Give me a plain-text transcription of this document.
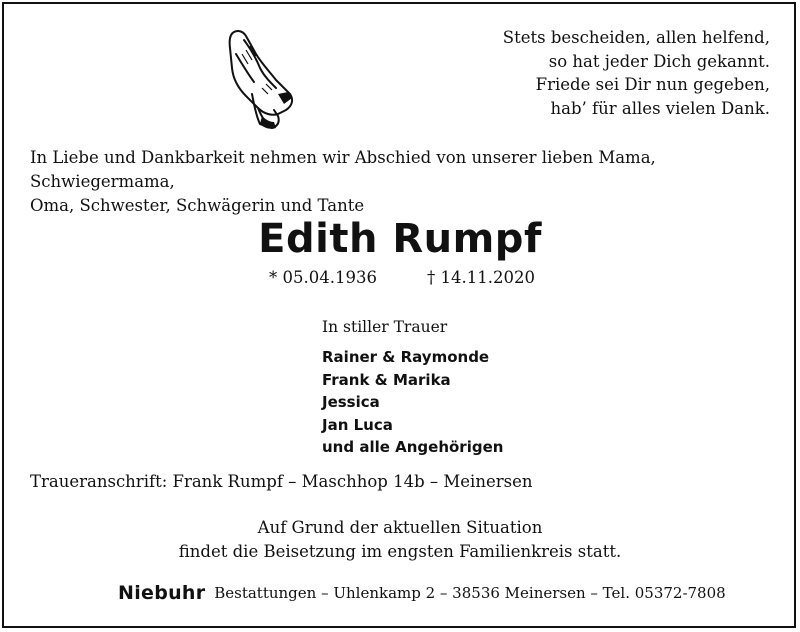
Stets bescheiden, allen helfend,
so hat jeder Dich gekannt.
Friede sei Dir nun gegeben,
hab’ für alles vielen Dank.
In Liebe und Dankbarkeit nehmen wir Abschied von unserer lieben Mama, Schwiegermama,
Oma, Schwester, Schwägerin und Tante
Edith Rumpf
* 05.04.1936	† 14.11.2020
In stiller Trauer
Rainer & Raymonde
Frank & Marika
Jessica
Jan Luca
und alle Angehörigen
Traueranschrift: Frank Rumpf – Maschhop 14b – Meinersen
Auf Grund der aktuellen Situation
findet die Beisetzung im engsten Familienkreis statt.
Niebuhr Bestattungen – Uhlenkamp 2 – 38536 Meinersen – Tel. 05372-7808
